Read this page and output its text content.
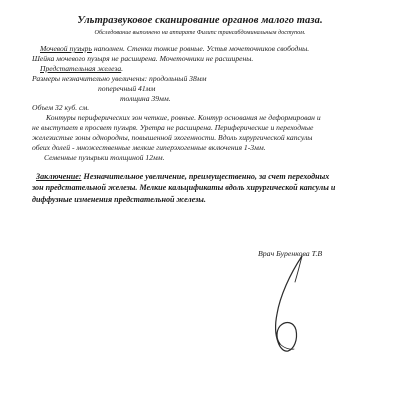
Ультразвуковое сканирование органов малого таза.
Обследование выполнено на аппарате Филипс трансабдоминальным доступом.
Мочевой пузырь наполнен. Стенки тонкие ровные. Устья мочеточников свободны.
Шейка мочевого пузыря не расширена. Мочеточники не расширены.
Предстательная железа.
Размеры незначительно увеличены: продольный 38мм
поперечный 41мм
толщина 39мм.
Объем 32 куб. см.
Контуры периферических зон четкие, ровные. Контур основания не деформирован и
не выступает в просвет пузыря. Уретра не расширена. Периферические и переходные
железистые зоны однородны, повышенной эхогенности. Вдоль хирургической капсулы
обеих долей - множественные мелкие гиперэхогенные включения 1-3мм.
Семенные пузырьки толщиной 12мм.
Заключение: Незначительное увеличение, преимущественно, за счет переходных
зон предстательной железы. Мелкие кальцификаты вдоль хирургической капсулы и
диффузные изменения предстательной железы.
Врач Буренкова Т.В
